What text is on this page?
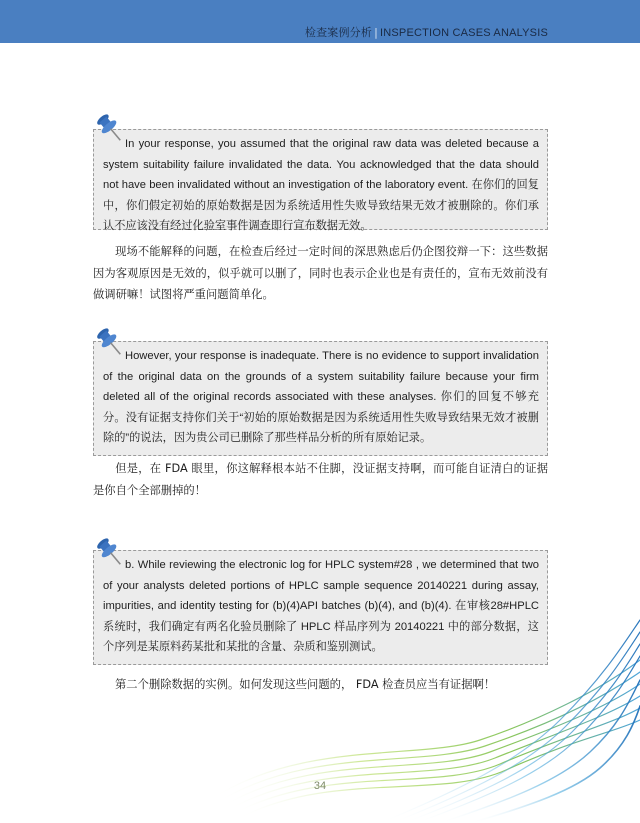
检查案例分析 | INSPECTION CASES ANALYSIS
In your response, you assumed that the original raw data was deleted because a system suitability failure invalidated the data. You acknowledged that the data should not have been invalidated without an investigation of the laboratory event. 在你们的回复中，你们假定初始的原始数据是因为系统适用性失败导致结果无效才被删除的。你们承认不应该没有经过化验室事件调查即行宣布数据无效。
现场不能解释的问题，在检查后经过一定时间的深思熟虑后仍企图狡辩一下：这些数据因为客观原因是无效的，似乎就可以删了，同时也表示企业也是有责任的，宣布无效前没有做调研嘛！试图将严重问题简单化。
However, your response is inadequate. There is no evidence to support invalidation of the original data on the grounds of a system suitability failure because your firm deleted all of the original records associated with these analyses. 你们的回复不够充分。没有证据支持你们关于“初始的原始数据是因为系统适用性失败导致结果无效才被删除的”的说法，因为贵公司已删除了那些样品分析的所有原始记录。
但是，在 FDA 眼里，你这解释根本站不住脚，没证据支持啊，而可能自证清白的证据是你自个全部删掉的！
b. While reviewing the electronic log for HPLC system#28 , we determined that two of your analysts deleted portions of HPLC sample sequence 20140221 during assay, impurities, and identity testing for (b)(4)API batches (b)(4), and (b)(4). 在审核28#HPLC 系统时，我们确定有两名化验员删除了 HPLC 样品序列为 20140221 中的部分数据，这个序列是某原料药某批和某批的含量、杂质和鉴别测试。
第二个删除数据的实例。如何发现这些问题的， FDA 检查员应当有证据啊！
34
